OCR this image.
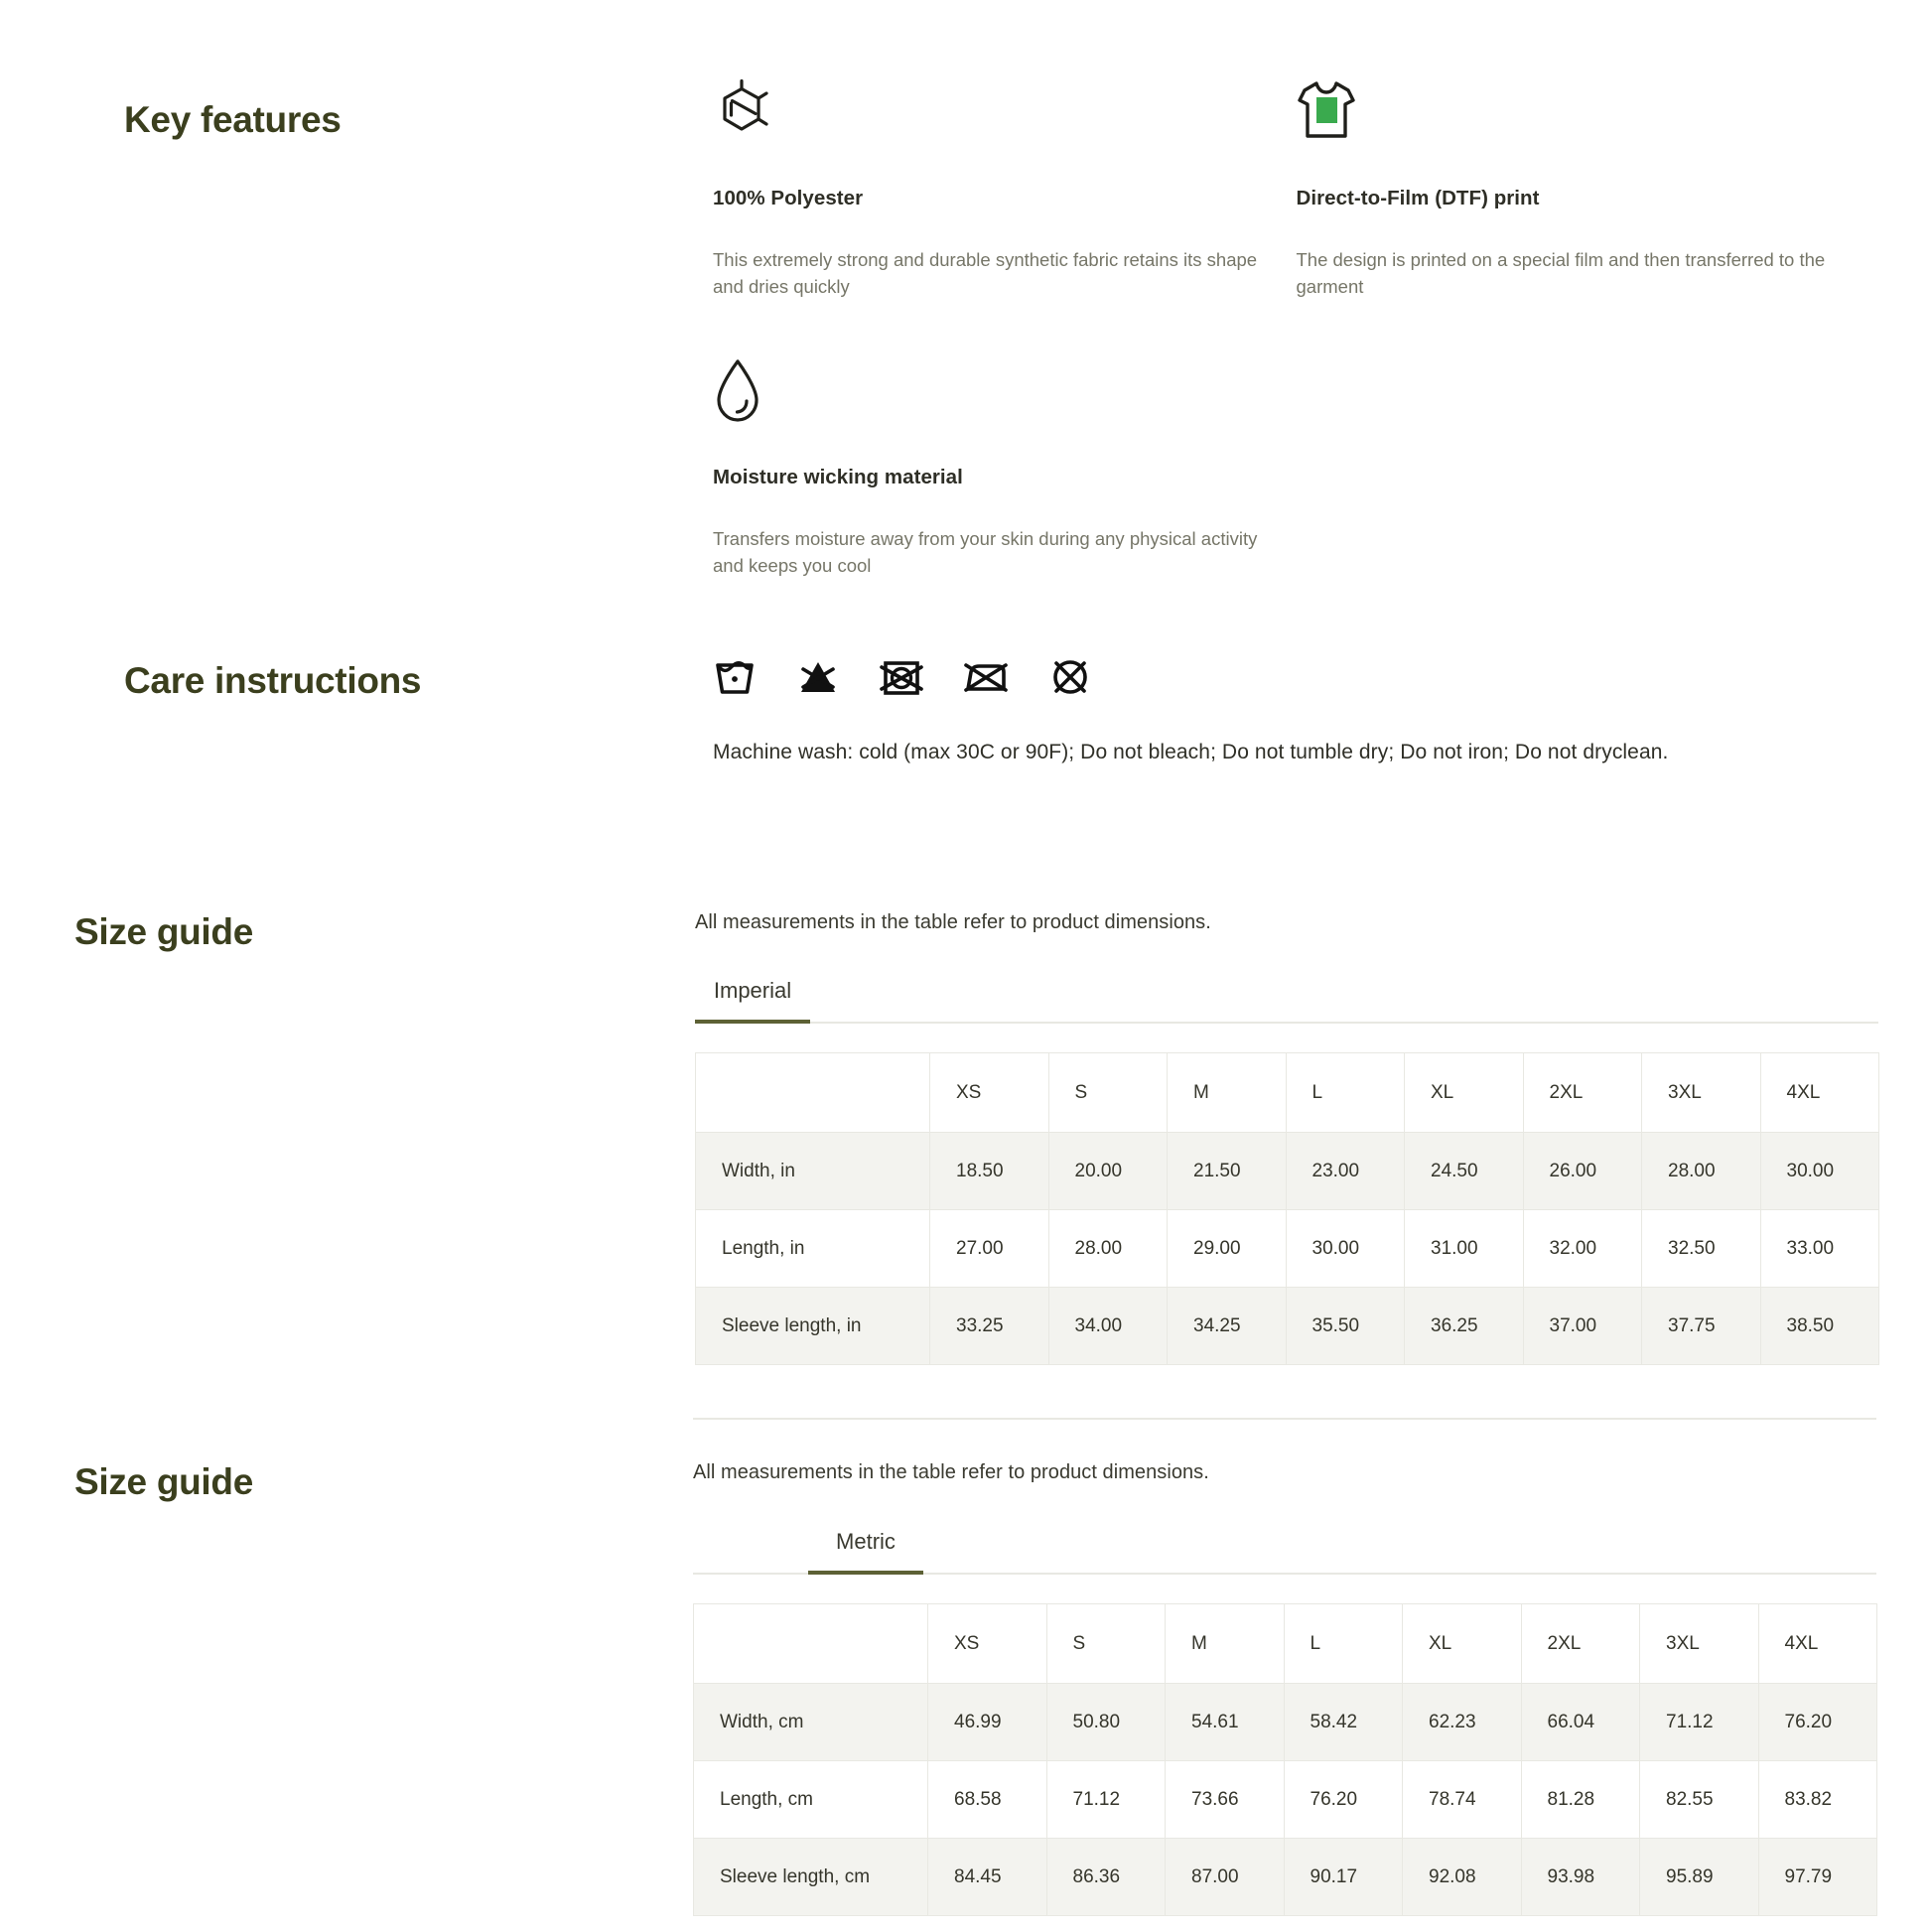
Key features
100% Polyester
This extremely strong and durable synthetic fabric retains its shape and dries quickly
Direct-to-Film (DTF) print
The design is printed on a special film and then transferred to the garment
Moisture wicking material
Transfers moisture away from your skin during any physical activity and keeps you cool
Care instructions
Machine wash: cold (max 30C or 90F); Do not bleach; Do not tumble dry; Do not iron; Do not dryclean.
Size guide	All measurements in the table refer to product dimensions.
Imperial	Metric
	XS	S	M	L	XL	2XL	3XL	4XL
Width, in	18.50	20.00	21.50	23.00	24.50	26.00	28.00	30.00
Length, in	27.00	28.00	29.00	30.00	31.00	32.00	32.50	33.00
Sleeve length, in	33.25	34.00	34.25	35.50	36.25	37.00	37.75	38.50
Size guide	All measurements in the table refer to product dimensions.
Imperial	Metric
	XS	S	M	L	XL	2XL	3XL	4XL
Width, cm	46.99	50.80	54.61	58.42	62.23	66.04	71.12	76.20
Length, cm	68.58	71.12	73.66	76.20	78.74	81.28	82.55	83.82
Sleeve length, cm	84.45	86.36	87.00	90.17	92.08	93.98	95.89	97.79
